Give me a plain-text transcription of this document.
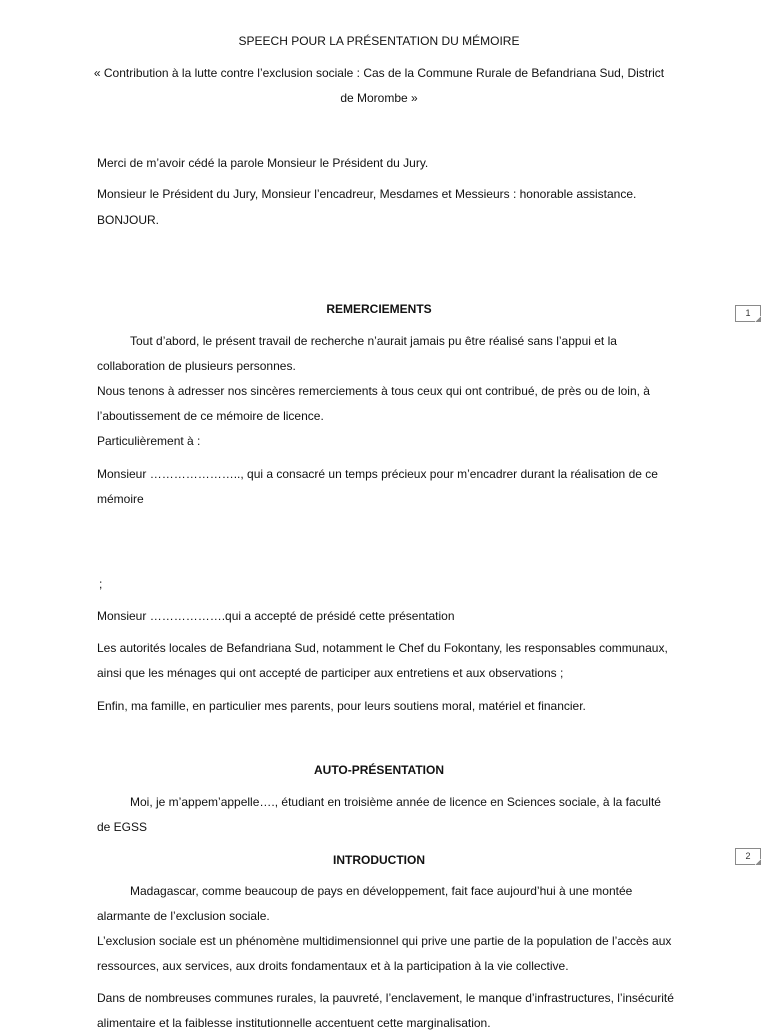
SPEECH POUR LA PRÉSENTATION DU MÉMOIRE

« Contribution à la lutte contre l’exclusion sociale : Cas de la Commune Rurale de Befandriana Sud, District

de Morombe »

Merci de m’avoir cédé la parole Monsieur le Président du Jury.

Monsieur le Président du Jury, Monsieur l’encadreur, Mesdames et Messieurs : honorable assistance.

BONJOUR.

REMERCIEMENTS	1

Tout d’abord, le présent travail de recherche n’aurait jamais pu être réalisé sans l’appui et la collaboration de plusieurs personnes.

Nous tenons à adresser nos sincères remerciements à tous ceux qui ont contribué, de près ou de loin, à l’aboutissement de ce mémoire de licence.

Particulièrement à :

Monsieur ………………….., qui a consacré un temps précieux pour m’encadrer durant la réalisation de ce mémoire

;

Monsieur ……………….qui a accepté de présidé cette présentation

Les autorités locales de Befandriana Sud, notamment le Chef du Fokontany, les responsables communaux, ainsi que les ménages qui ont accepté de participer aux entretiens et aux observations ;

Enfin, ma famille, en particulier mes parents, pour leurs soutiens moral, matériel et financier.

AUTO-PRÉSENTATION

Moi, je m’appem’appelle…., étudiant en troisième année de licence en Sciences sociale, à la faculté de EGSS

INTRODUCTION	2

Madagascar, comme beaucoup de pays en développement, fait face aujourd’hui à une montée alarmante de l’exclusion sociale.

L’exclusion sociale est un phénomène multidimensionnel qui prive une partie de la population de l’accès aux ressources, aux services, aux droits fondamentaux et à la participation à la vie collective.

Dans de nombreuses communes rurales, la pauvreté, l’enclavement, le manque d’infrastructures, l’insécurité alimentaire et la faiblesse institutionnelle accentuent cette marginalisation.
